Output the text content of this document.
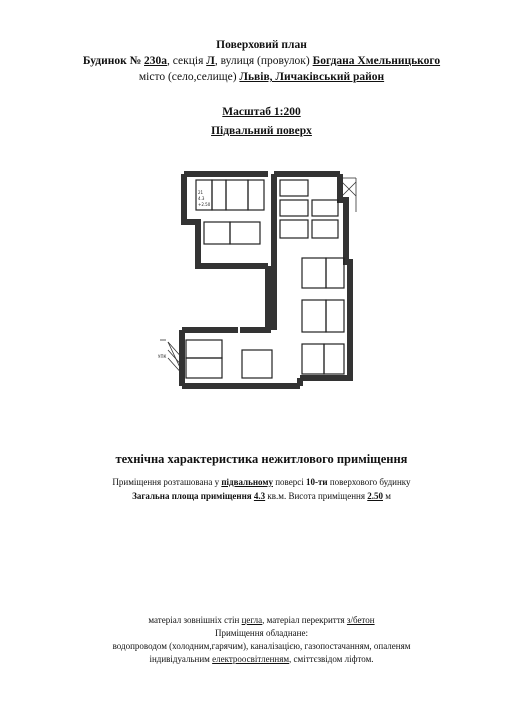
Поверховий план
Будинок № 230а, секція Л, вулиця (провулок) Богдана Хмельницького
місто (село,селище) Львів, Личаківський район
Масштаб 1:200
Підвальний поверх
21
4.3
+2.50
УПК
технічна характеристика нежитлового приміщення
Приміщення розташована у підвальному поверсі 10-ти поверхового будинку
Загальна площа приміщення 4.3 кв.м. Висота приміщення 2.50 м
матеріал зовнішніх стін цегла, матеріал перекриття з/бетон
Приміщення обладнане:
водопроводом (холодним,гарячим), каналізацією, газопостачанням, опаленям
індивідуальним електроосвітленням, сміттєзвідом ліфтом.
